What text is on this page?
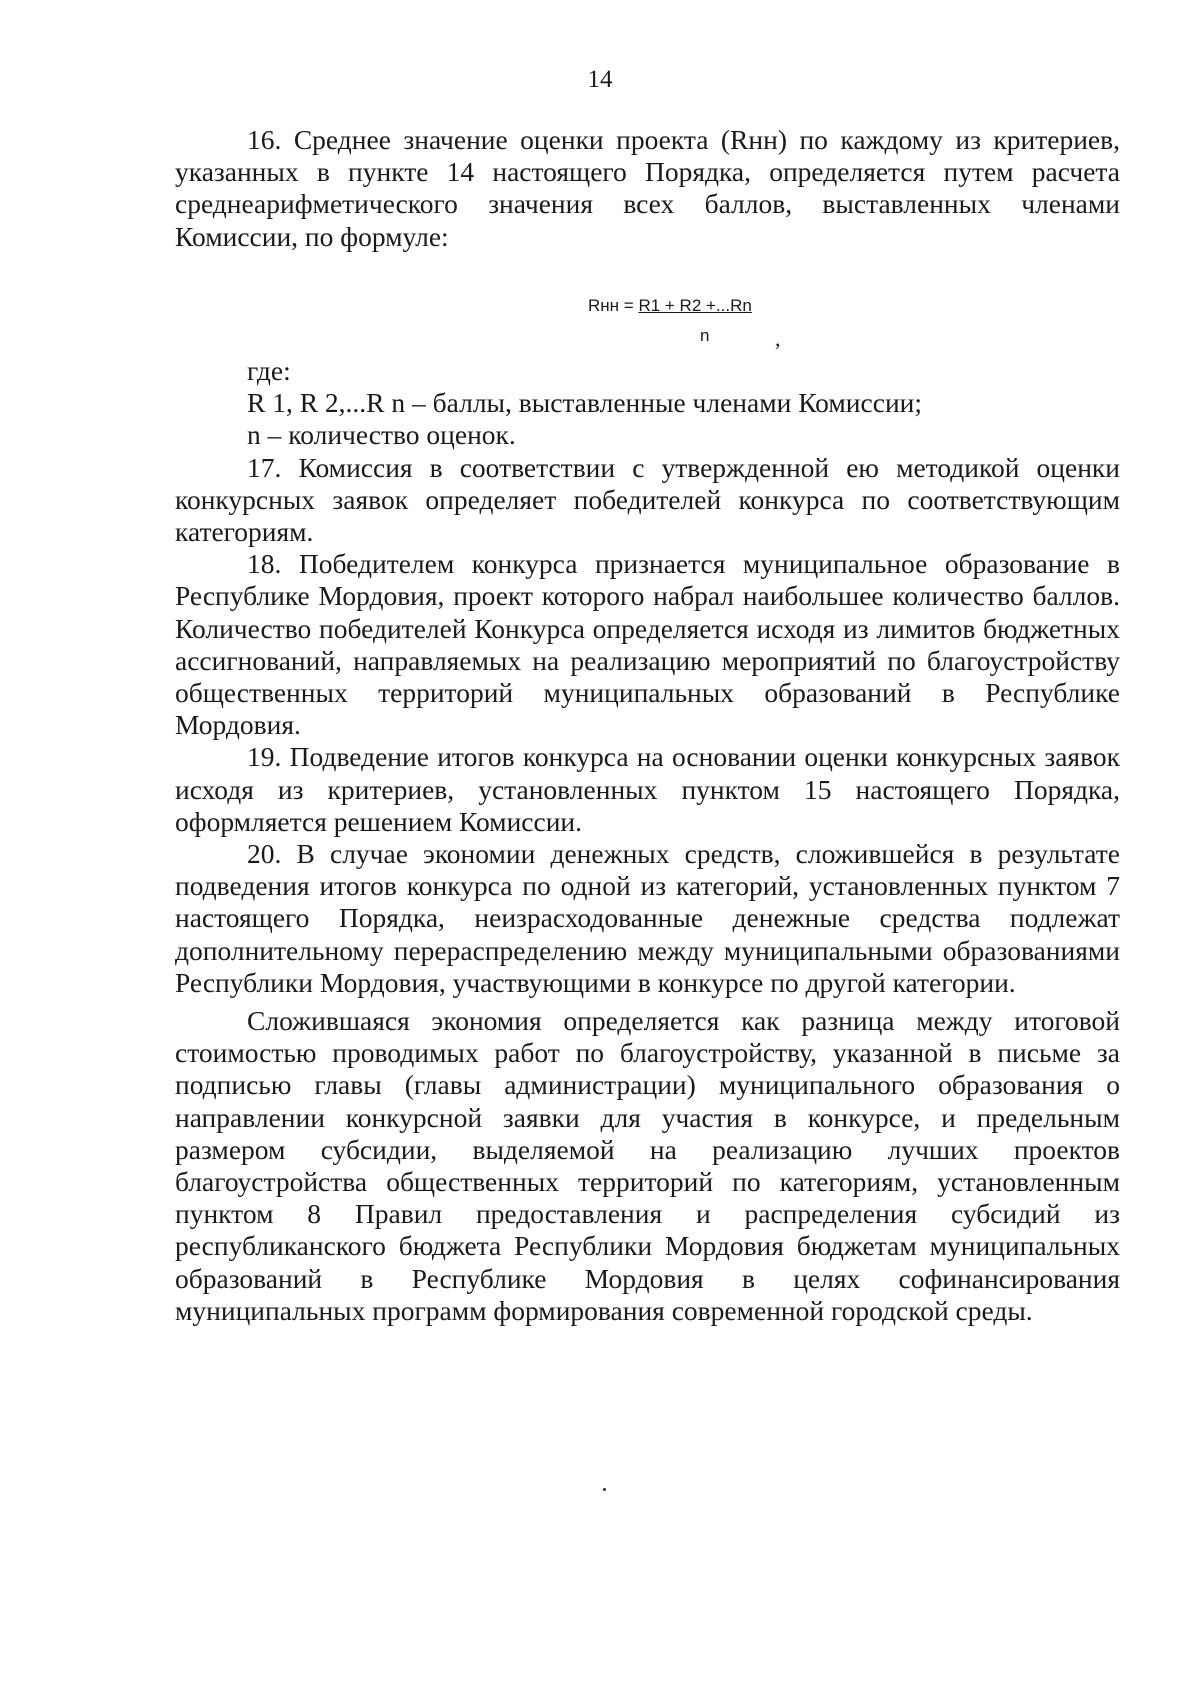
14

16. Среднее значение оценки проекта (Rнн) по каждому из критериев, указанных в пункте 14 настоящего Порядка, определяется путем расчета среднеарифметического значения всех баллов, выставленных членами Комиссии, по формуле:

Rнн = R1 + R2 +...Rn
n	,

где:

R 1, R 2,...R n – баллы, выставленные членами Комиссии;

n – количество оценок.

17. Комиссия в соответствии с утвержденной ею методикой оценки конкурсных заявок определяет победителей конкурса по соответствующим категориям.

18. Победителем конкурса признается муниципальное образование в Республике Мордовия, проект которого набрал наибольшее количество баллов. Количество победителей Конкурса определяется исходя из лимитов бюджетных ассигнований, направляемых на реализацию мероприятий по благоустройству общественных территорий муниципальных образований в Республике Мордовия.

19. Подведение итогов конкурса на основании оценки конкурсных заявок исходя из критериев, установленных пунктом 15 настоящего Порядка, оформляется решением Комиссии.

20. В случае экономии денежных средств, сложившейся в результате подведения итогов конкурса по одной из категорий, установленных пунктом 7 настоящего Порядка, неизрасходованные денежные средства подлежат дополнительному перераспределению между муниципальными образованиями Республики Мордовия, участвующими в конкурсе по другой категории.

Сложившаяся экономия определяется как разница между итоговой стоимостью проводимых работ по благоустройству, указанной в письме за подписью главы (главы администрации) муниципального образования о направлении конкурсной заявки для участия в конкурсе, и предельным размером субсидии, выделяемой на реализацию лучших проектов благоустройства общественных территорий по категориям, установленным пунктом 8 Правил предоставления и распределения субсидий из республиканского бюджета Республики Мордовия бюджетам муниципальных образований в Республике Мордовия в целях софинансирования муниципальных программ формирования современной городской среды.
